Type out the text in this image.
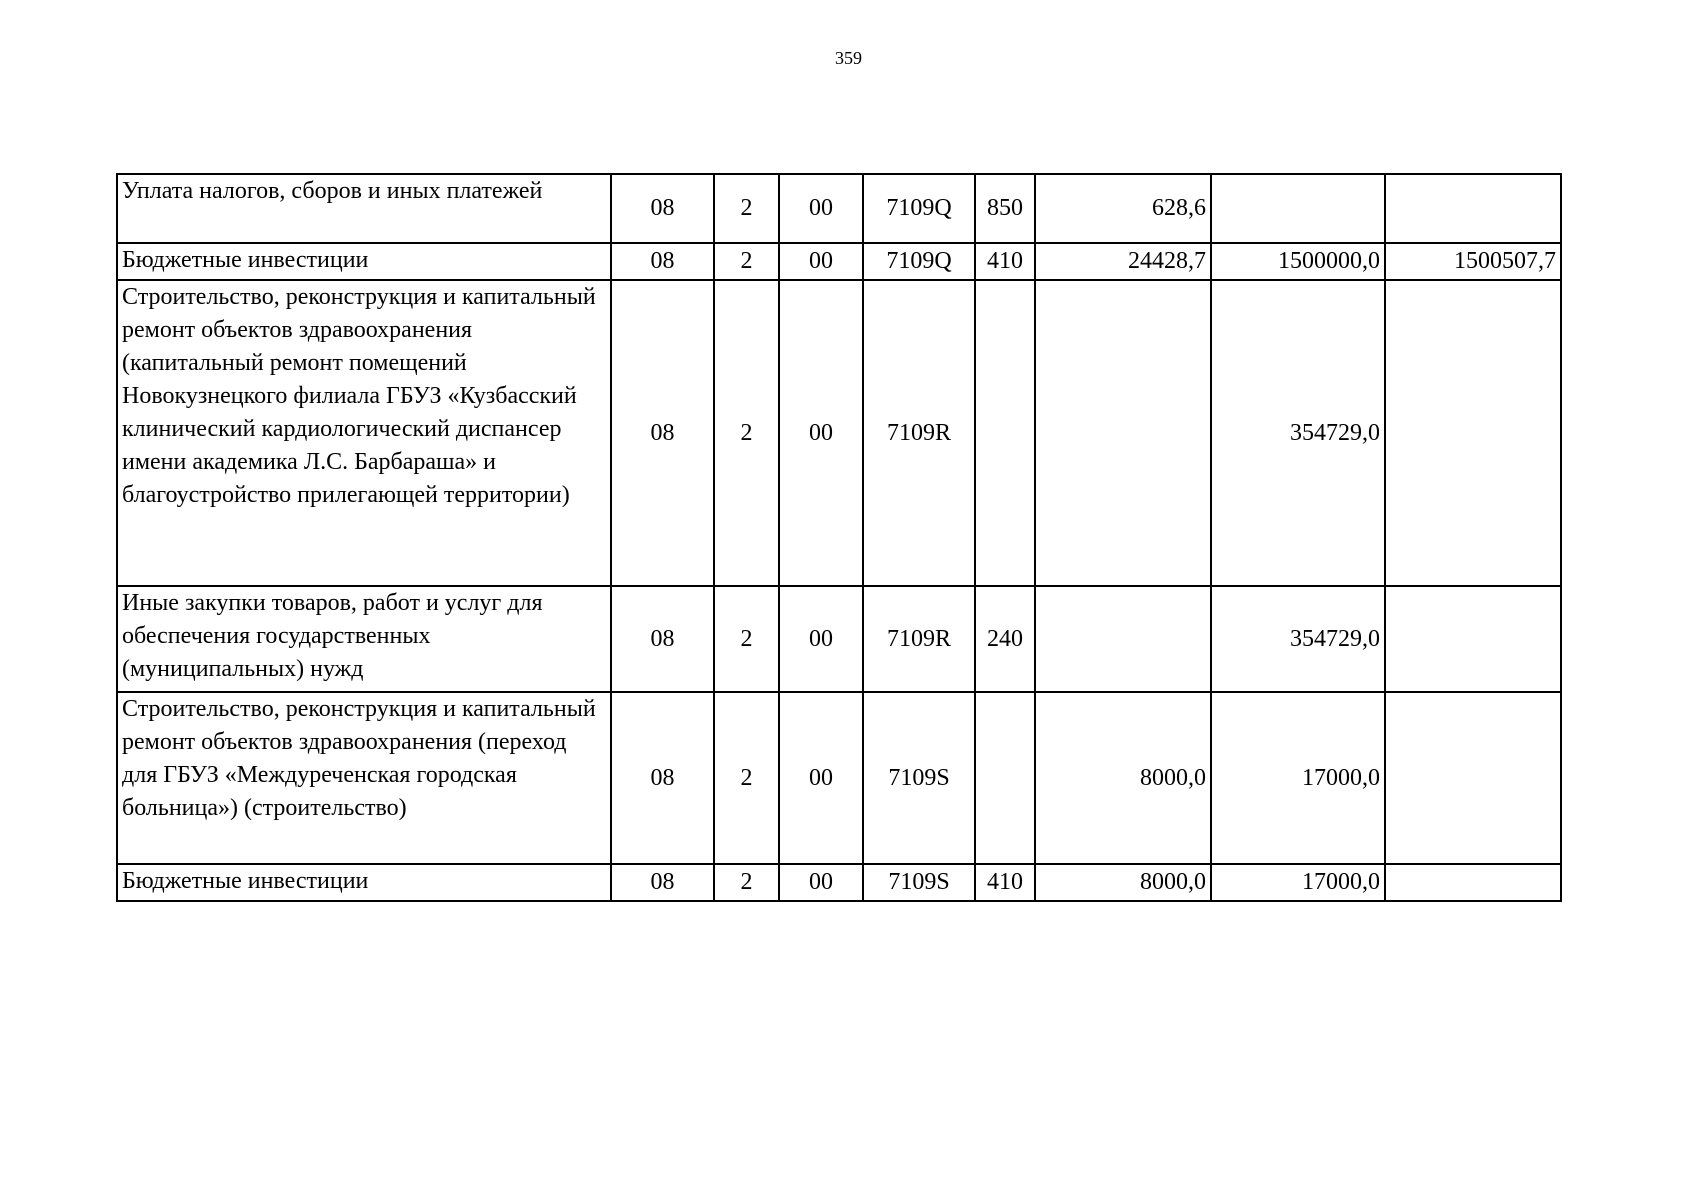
359
Уплата налогов, сборов и иных платежей	08	2	00	7109Q	850	628,6		
Бюджетные инвестиции	08	2	00	7109Q	410	24428,7	1500000,0	1500507,7
Строительство, реконструкция и капитальный ремонт объектов здравоохранения (капитальный ремонт помещений Новокузнецкого филиала ГБУЗ «Кузбасский клинический кардиологический диспансер имени академика Л.С. Барбараша» и благоустройство прилегающей территории)	08	2	00	7109R			354729,0	
Иные закупки товаров, работ и услуг для обеспечения государственных (муниципальных) нужд	08	2	00	7109R	240		354729,0	
Строительство, реконструкция и капитальный ремонт объектов здравоохранения (переход для ГБУЗ «Междуреченская городская больница») (строительство)	08	2	00	7109S		8000,0	17000,0	
Бюджетные инвестиции	08	2	00	7109S	410	8000,0	17000,0	
